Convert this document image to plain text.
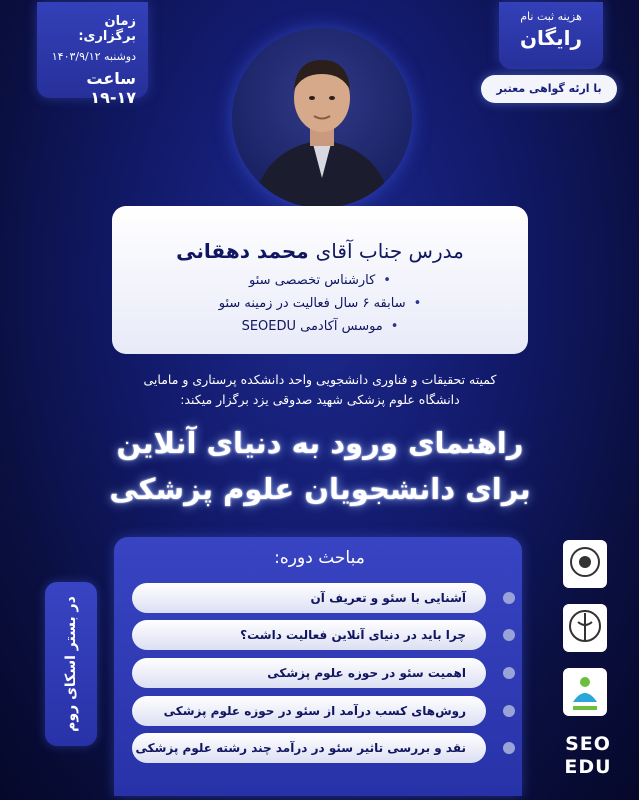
زمان برگزاری:
دوشنبه ۱۴۰۳/۹/۱۲
ساعت ۱۷-۱۹
هزینه ثبت نام
رایگان
با ارئه گواهی معتبر
مدرس جناب آقای محمد دهقانی
• کارشناس تخصصی سئو
• سابقه ۶ سال فعالیت در زمینه سئو
• موسس آکادمی SEOEDU
کمیته تحقیقات و فناوری دانشجویی واحد دانشکده پرستاری و مامایی
دانشگاه علوم پزشکی شهید صدوقی یزد برگزار میکند:
راهنمای ورود به دنیای آنلاین
برای دانشجویان علوم پزشکی
مباحث دوره:
آشنایی با سئو و تعریف آن
چرا باید در دنیای آنلاین فعالیت داشت؟
اهمیت سئو در حوزه علوم پزشکی
روش‌های کسب درآمد از سئو در حوزه علوم پزشکی
نقد و بررسی تاثیر سئو در درآمد چند رشته علوم پزشکی
در بستر اسکای روم
SEO
EDU
